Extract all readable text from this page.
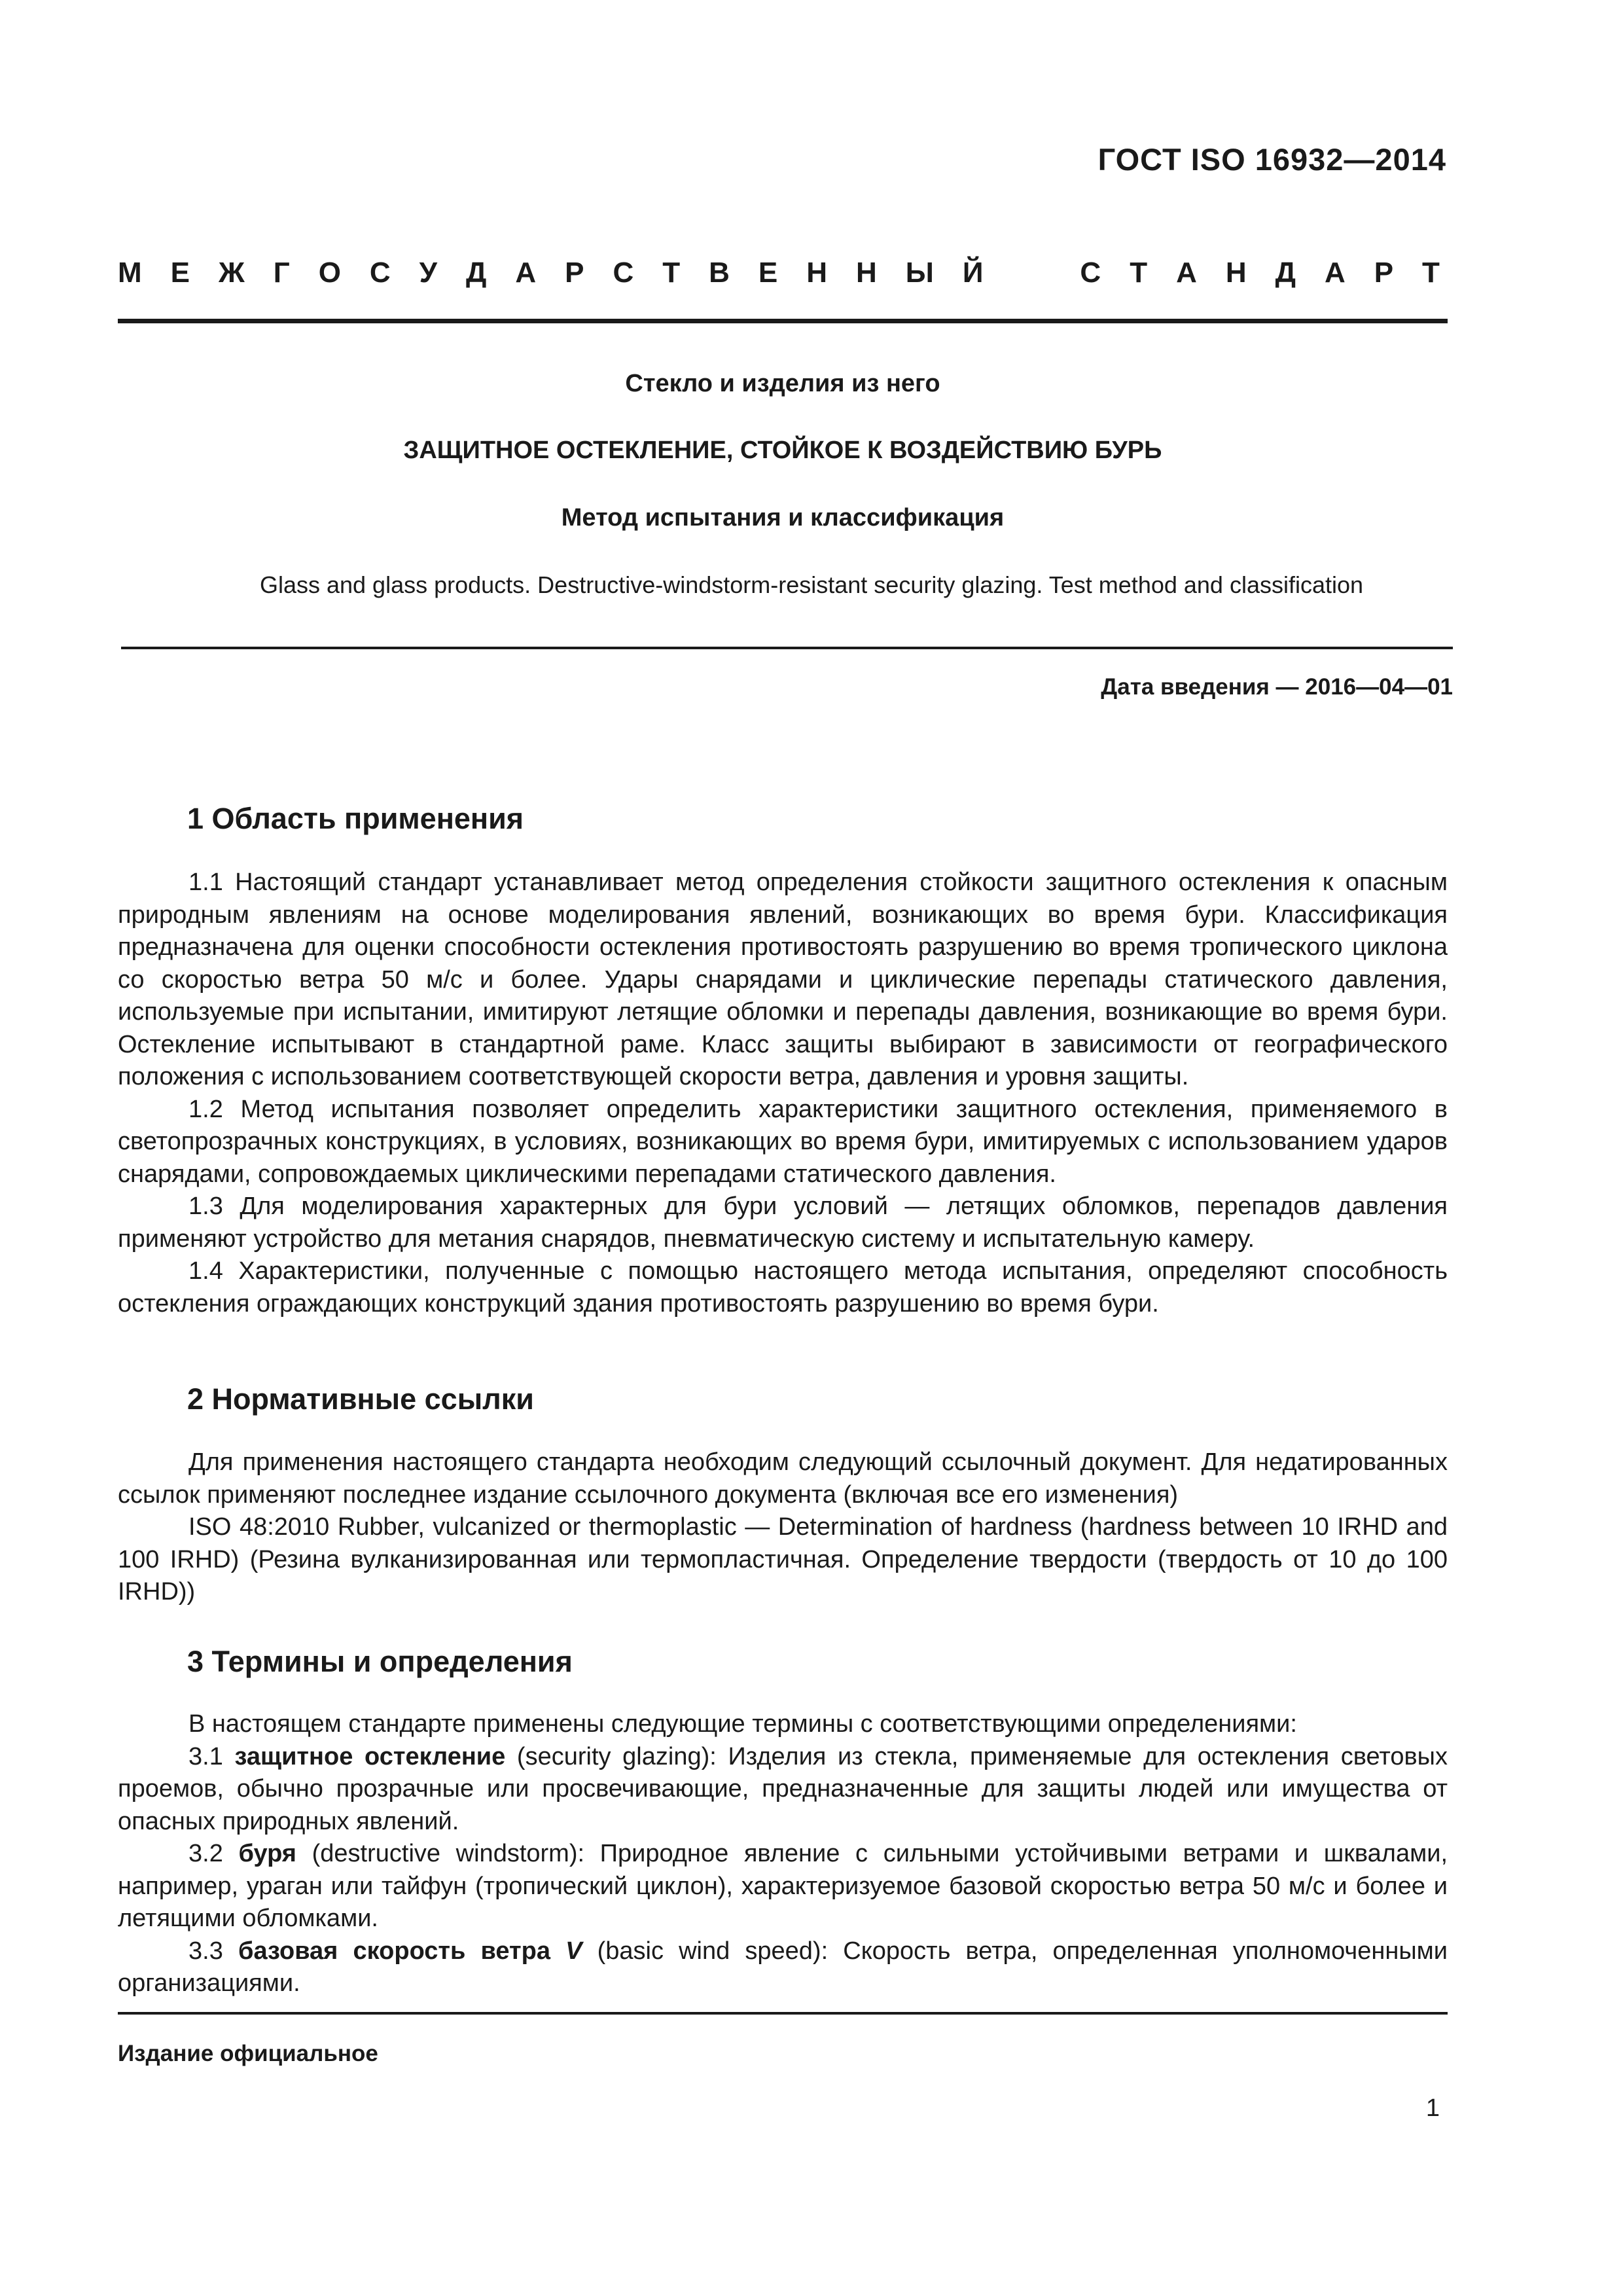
ГОСТ ISO 16932—2014
М Е Ж Г О С У Д А Р С Т В Е Н Н Ы Й	С Т А Н Д А Р Т
Стекло и изделия из него
ЗАЩИТНОЕ ОСТЕКЛЕНИЕ, СТОЙКОЕ К ВОЗДЕЙСТВИЮ БУРЬ
Метод испытания и классификация
Glass and glass products. Destructive-windstorm-resistant security glazing. Test method and classification
Дата введения — 2016—04—01
1 Область применения

1.1 Настоящий стандарт устанавливает метод определения стойкости защитного остекления к опасным природным явлениям на основе моделирования явлений, возникающих во время бури. Классификация предназначена для оценки способности остекления противостоять разрушению во время тропического циклона со скоростью ветра 50 м/с и более. Удары снарядами и циклические перепады статического давления, используемые при испытании, имитируют летящие обломки и перепады давления, возникающие во время бури. Остекление испытывают в стандартной раме. Класс защиты выбирают в зависимости от географического положения с использованием соответствующей скорости ветра, давления и уровня защиты.

1.2 Метод испытания позволяет определить характеристики защитного остекления, применяемого в светопрозрачных конструкциях, в условиях, возникающих во время бури, имитируемых с использованием ударов снарядами, сопровождаемых циклическими перепадами статического давления.

1.3 Для моделирования характерных для бури условий — летящих обломков, перепадов давления применяют устройство для метания снарядов, пневматическую систему и испытательную камеру.

1.4 Характеристики, полученные с помощью настоящего метода испытания, определяют способность остекления ограждающих конструкций здания противостоять разрушению во время бури.

2 Нормативные ссылки

Для применения настоящего стандарта необходим следующий ссылочный документ. Для недатированных ссылок применяют последнее издание ссылочного документа (включая все его изменения)

ISO 48:2010 Rubber, vulcanized or thermoplastic — Determination of hardness (hardness between 10 IRHD and 100 IRHD) (Резина вулканизированная или термопластичная. Определение твердости (твердость от 10 до 100 IRHD))

3 Термины и определения

В настоящем стандарте применены следующие термины с соответствующими определениями:

3.1 защитное остекление (security glazing): Изделия из стекла, применяемые для остекления световых проемов, обычно прозрачные или просвечивающие, предназначенные для защиты людей или имущества от опасных природных явлений.

3.2 буря (destructive windstorm): Природное явление с сильными устойчивыми ветрами и шквалами, например, ураган или тайфун (тропический циклон), характеризуемое базовой скоростью ветра 50 м/с и более и летящими обломками.

3.3 базовая скорость ветра V (basic wind speed): Скорость ветра, определенная уполномоченными организациями.

Издание официальное
1
